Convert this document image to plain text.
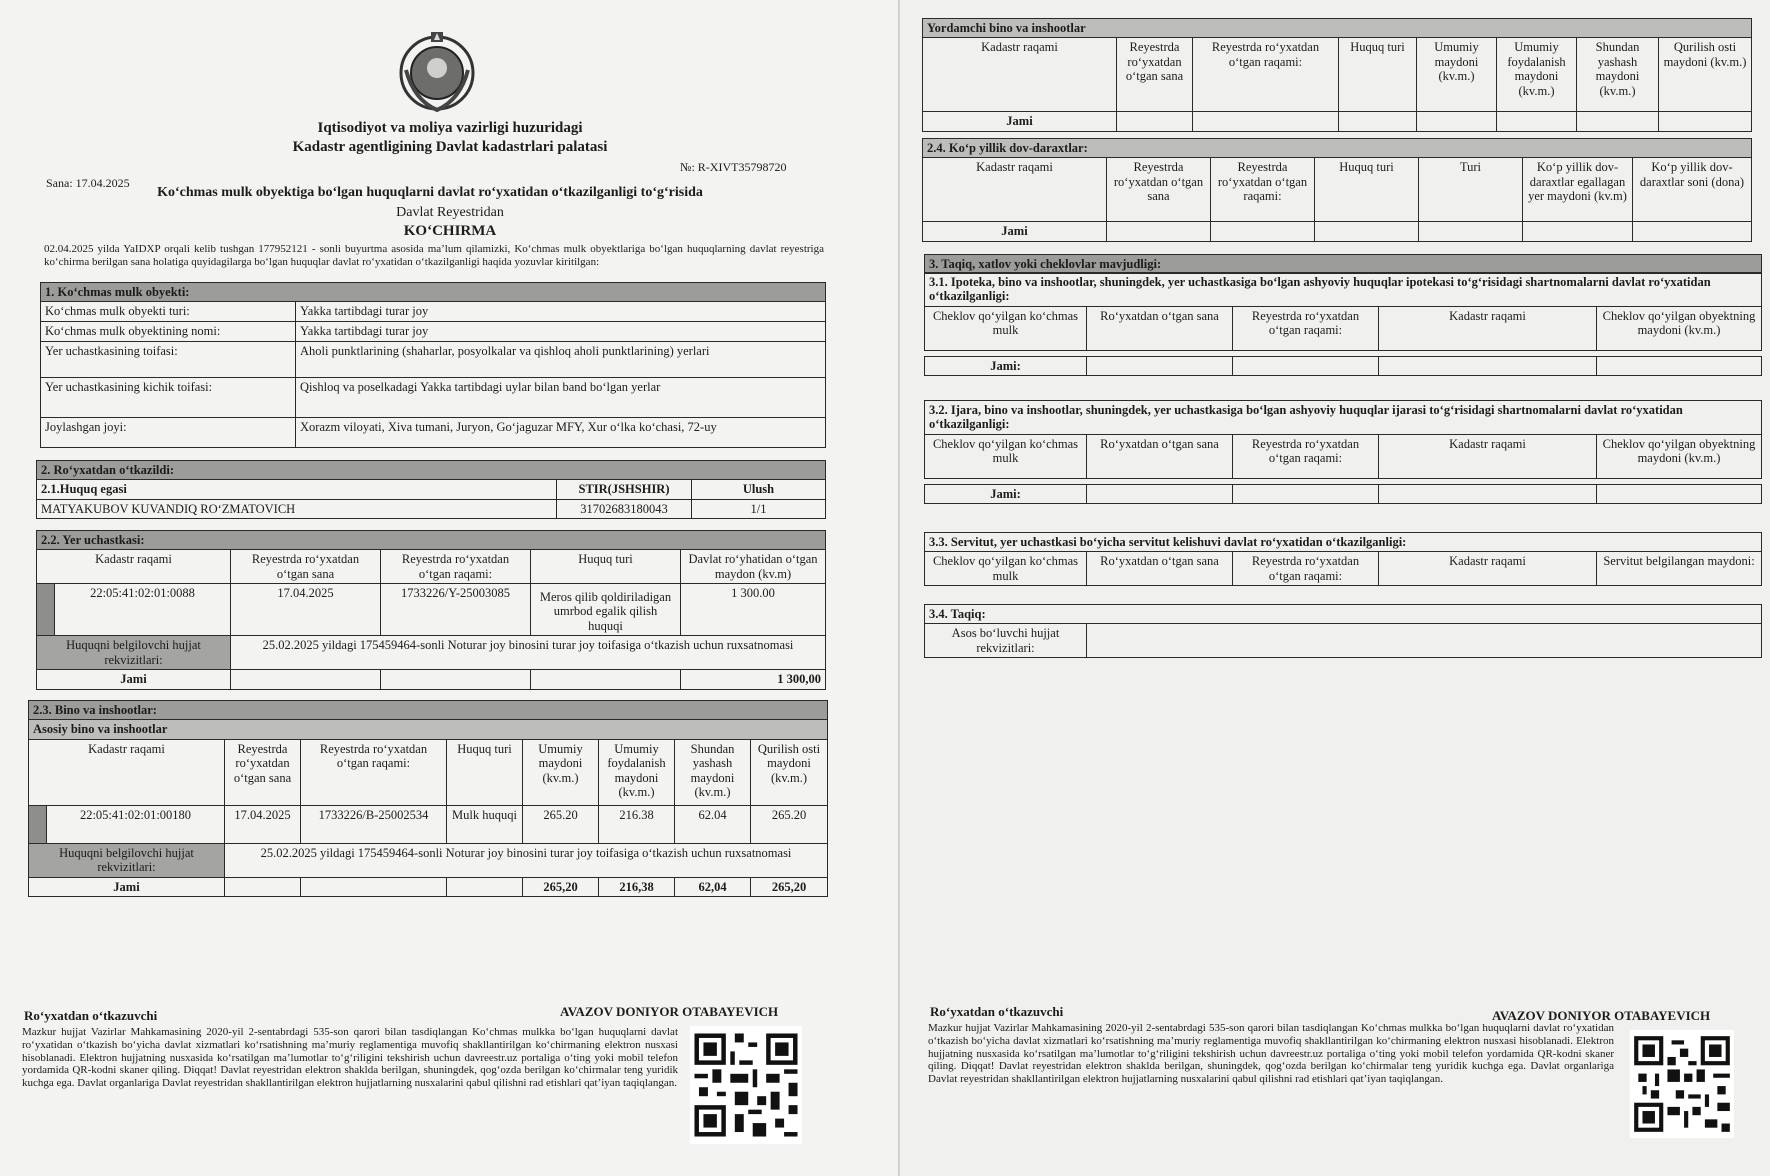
Iqtisodiyot va moliya vazirligi huzuridagi
Kadastr agentligining Davlat kadastrlari palatasi
Sana: 17.04.2025
№: R-XIVT35798720
Koʻchmas mulk obyektiga boʻlgan huquqlarni davlat roʻyxatidan oʻtkazilganligi toʻgʻrisida
Davlat Reyestridan
KOʻCHIRMA
02.04.2025 yilda YaIDXP orqali kelib tushgan 177952121 - sonli buyurtma asosida maʼlum qilamizki, Koʻchmas mulk obyektlariga boʻlgan huquqlarning davlat reyestriga koʻchirma berilgan sana holatiga quyidagilarga boʻlgan huquqlar davlat roʻyxatidan oʻtkazilganligi haqida yozuvlar kiritilgan:
1. Koʻchmas mulk obyekti:	
Koʻchmas mulk obyekti turi:	Yakka tartibdagi turar joy
Koʻchmas mulk obyektining nomi:	Yakka tartibdagi turar joy
Yer uchastkasining toifasi:	Aholi punktlarining (shaharlar, posyolkalar va qishloq aholi punktlarining) yerlari
Yer uchastkasining kichik toifasi:	Qishloq va poselkadagi Yakka tartibdagi uylar bilan band boʻlgan yerlar
Joylashgan joyi:	Xorazm viloyati, Xiva tumani, Juryon, Goʻjaguzar MFY, Xur oʻlka koʻchasi, 72-uy
2. Roʻyxatdan oʻtkazildi:		
2.1.Huquq egasi	STIR(JSHSHIR)	Ulush
MATYAKUBOV KUVANDIQ ROʻZMATOVICH	31702683180043	1/1
2.2. Yer uchastkasi:					
Kadastr raqami		Reyestrda roʻyxatdan oʻtgan sana	Reyestrda roʻyxatdan oʻtgan raqami:	Huquq turi	Davlat roʻyhatidan oʻtgan maydon (kv.m)
	22:05:41:02:01:0088	17.04.2025	1733226/Y-25003085	Meros qilib qoldiriladigan umrbod egalik qilish huquqi	1 300.00
Huquqni belgilovchi hujjat rekvizitlari:		25.02.2025 yildagi 175459464-sonli Noturar joy binosini turar joy toifasiga oʻtkazish uchun ruxsatnomasi			
Jami					1 300,00
2.3. Bino va inshootlar:								
Asosiy bino va inshootlar								
Kadastr raqami		Reyestrda roʻyxatdan oʻtgan sana	Reyestrda roʻyxatdan oʻtgan raqami:	Huquq turi	Umumiy maydoni (kv.m.)	Umumiy foydalanish maydoni (kv.m.)	Shundan yashash maydoni (kv.m.)	Qurilish osti maydoni (kv.m.)
	22:05:41:02:01:00180	17.04.2025	1733226/B-25002534	Mulk huquqi	265.20	216.38	62.04	265.20
Huquqni belgilovchi hujjat rekvizitlari:		25.02.2025 yildagi 175459464-sonli Noturar joy binosini turar joy toifasiga oʻtkazish uchun ruxsatnomasi						
Jami					265,20	216,38	62,04	265,20
Roʻyxatdan oʻtkazuvchi	AVAZOV DONIYOR OTABAYEVICH
Mazkur hujjat Vazirlar Mahkamasining 2020-yil 2-sentabrdagi 535-son qarori bilan tasdiqlangan Koʻchmas mulkka boʻlgan huquqlarni davlat roʻyxatidan oʻtkazish boʻyicha davlat xizmatlari koʻrsatishning maʼmuriy reglamentiga muvofiq shakllantirilgan koʻchirmaning elektron nusxasi hisoblanadi. Elektron hujjatning nusxasida koʻrsatilgan maʼlumotlar toʻgʻriligini tekshirish uchun davreestr.uz portaliga oʻting yoki mobil telefon yordamida QR-kodni skaner qiling. Diqqat! Davlat reyestridan elektron shaklda berilgan, shuningdek, qogʻozda berilgan koʻchirmalar teng yuridik kuchga ega. Davlat organlariga Davlat reyestridan shakllantirilgan elektron hujjatlarning nusxalarini qabul qilishni rad etishlari qatʼiyan taqiqlangan.
Yordamchi bino va inshootlar							
Kadastr raqami	Reyestrda roʻyxatdan oʻtgan sana	Reyestrda roʻyxatdan oʻtgan raqami:	Huquq turi	Umumiy maydoni (kv.m.)	Umumiy foydalanish maydoni (kv.m.)	Shundan yashash maydoni (kv.m.)	Qurilish osti maydoni (kv.m.)
Jami							
2.4. Koʻp yillik dov-daraxtlar:						
Kadastr raqami	Reyestrda roʻyxatdan oʻtgan sana	Reyestrda roʻyxatdan oʻtgan raqami:	Huquq turi	Turi	Koʻp yillik dov-daraxtlar egallagan yer maydoni (kv.m)	Koʻp yillik dov-daraxtlar soni (dona)
Jami						
3. Taqiq, xatlov yoki cheklovlar mavjudligi:
3.1. Ipoteka, bino va inshootlar, shuningdek, yer uchastkasiga boʻlgan ashyoviy huquqlar ipotekasi toʻgʻrisidagi shartnomalarni davlat roʻyxatidan oʻtkazilganligi:				
Cheklov qoʻyilgan koʻchmas mulk	Roʻyxatdan oʻtgan sana	Reyestrda roʻyxatdan oʻtgan raqami:	Kadastr raqami	Cheklov qoʻyilgan obyektning maydoni (kv.m.)

Jami:				
3.2. Ijara, bino va inshootlar, shuningdek, yer uchastkasiga boʻlgan ashyoviy huquqlar ijarasi toʻgʻrisidagi shartnomalarni davlat roʻyxatidan oʻtkazilganligi:				
Cheklov qoʻyilgan koʻchmas mulk	Roʻyxatdan oʻtgan sana	Reyestrda roʻyxatdan oʻtgan raqami:	Kadastr raqami	Cheklov qoʻyilgan obyektning maydoni (kv.m.)

Jami:				
3.3. Servitut, yer uchastkasi boʻyicha servitut kelishuvi davlat roʻyxatidan oʻtkazilganligi:
Cheklov qoʻyilgan koʻchmas mulk	Roʻyxatdan oʻtgan sana	Reyestrda roʻyxatdan oʻtgan raqami:	Kadastr raqami	Servitut belgilangan maydoni:
3.4. Taqiq:
Asos boʻluvchi hujjat rekvizitlari:	
Roʻyxatdan oʻtkazuvchi	AVAZOV DONIYOR OTABAYEVICH
Mazkur hujjat Vazirlar Mahkamasining 2020-yil 2-sentabrdagi 535-son qarori bilan tasdiqlangan Koʻchmas mulkka boʻlgan huquqlarni davlat roʻyxatidan oʻtkazish boʻyicha davlat xizmatlari koʻrsatishning maʼmuriy reglamentiga muvofiq shakllantirilgan koʻchirmaning elektron nusxasi hisoblanadi. Elektron hujjatning nusxasida koʻrsatilgan maʼlumotlar toʻgʻriligini tekshirish uchun davreestr.uz portaliga oʻting yoki mobil telefon yordamida QR-kodni skaner qiling. Diqqat! Davlat reyestridan elektron shaklda berilgan, shuningdek, qogʻozda berilgan koʻchirmalar teng yuridik kuchga ega. Davlat organlariga Davlat reyestridan shakllantirilgan elektron hujjatlarning nusxalarini qabul qilishni rad etishlari qatʼiyan taqiqlangan.
